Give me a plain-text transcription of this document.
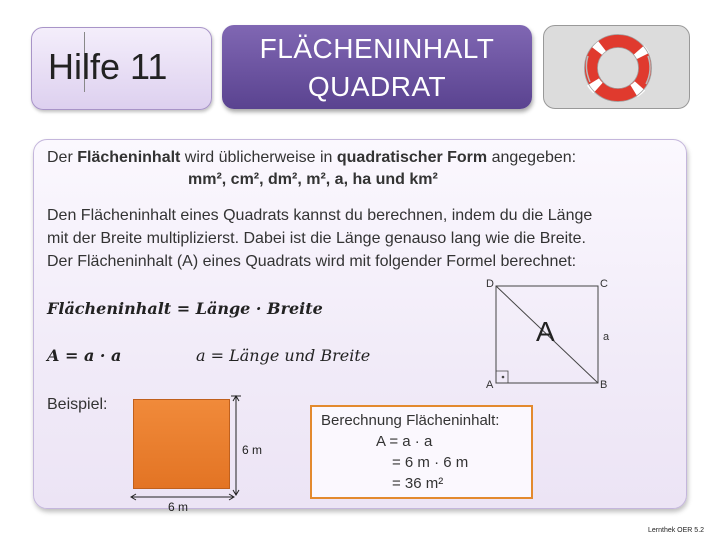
Hilfe 11	FLÄCHENINHALT
QUADRAT
Der Flächeninhalt wird üblicherweise in quadratischer Form angegeben:
mm², cm², dm², m², a, ha und km²
Den Flächeninhalt eines Quadrats kannst du berechnen, indem du die Länge
mit der Breite multiplizierst. Dabei ist die Länge genauso lang wie die Breite.
Der Flächeninhalt (A) eines Quadrats wird mit folgender Formel berechnet:
Flächeninhalt = Länge · Breite
A = a · a	a = Länge und Breite
D	C
A	B
A	a
Beispiel:
6 m
6 m
Berechnung Flächeninhalt:
A = a · a
= 6 m · 6 m
= 36 m²
Lernthek OER 5.2
